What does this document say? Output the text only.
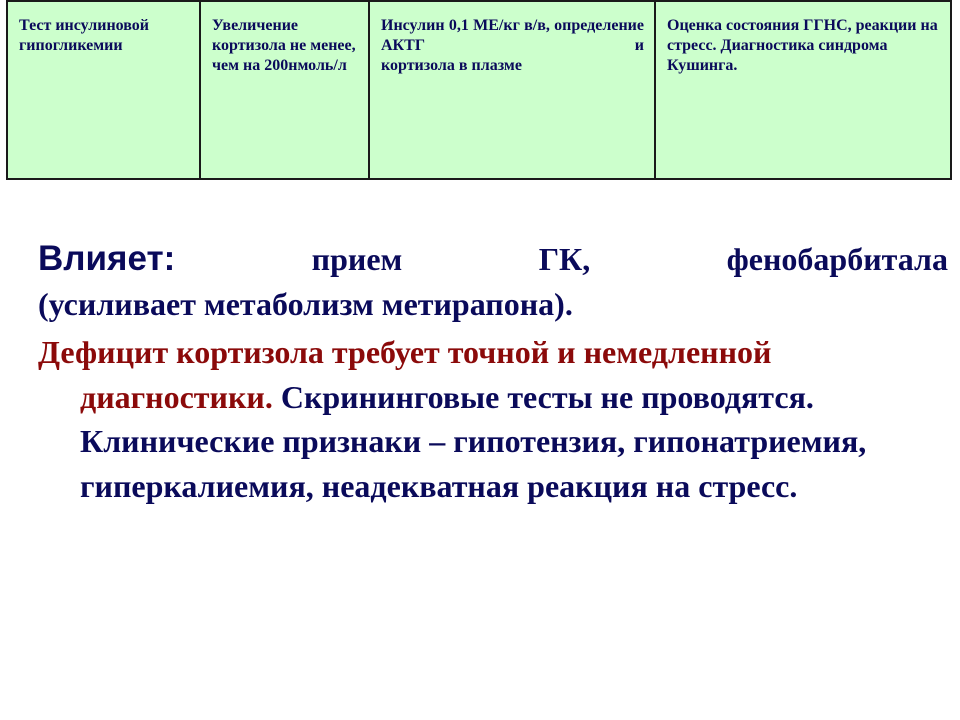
Тест инсулиновой гипогликемии	Увеличение кортизола не менее, чем на 200нмоль/л	Инсулин 0,1 МЕ/кг в/в, определение АКТГ и
кортизола в плазме
	Оценка состояния ГГНС, реакции на стресс. Диагностика синдрома Кушинга.

Влияет:	прием ГК, фенобарбитала
(усиливает метаболизм метирапона).

Дефицит кортизола требует точной и немедленной диагностики. Скрининговые тесты не проводятся. Клинические признаки – гипотензия, гипонатриемия, гиперкалиемия, неадекватная реакция на стресс.
